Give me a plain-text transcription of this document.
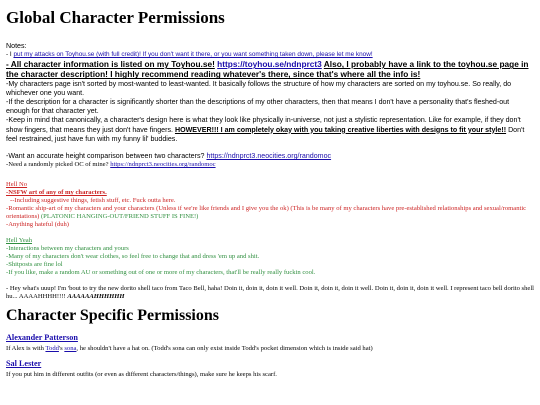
Global Character Permissions

Notes:

- I put my attacks on Toyhou.se (with full credit)! If you don't want it there, or you want something taken down, please let me know!

- All character information is listed on my Toyhou.se! https://toyhou.se/ndnprct3 Also, I probably have a link to the toyhou.se page in the character description! I highly recommend reading whatever's there, since that's where all the info is!

-My characters page isn't sorted by most-wanted to least-wanted. It basically follows the structure of how my characters are sorted on my toyhou.se. So really, do whichever one you want.

-If the description for a character is significantly shorter than the descriptions of my other characters, then that means I don't have a personality that's fleshed-out enough for that character yet.

-Keep in mind that canonically, a character's design here is what they look like physically in-universe, not just a stylistic representation. Like for example, if they don't show fingers, that means they just don't have fingers. HOWEVER!!! I am completely okay with you taking creative liberties with designs to fit your style!! Don't feel restrained, just have fun with my funny lil' buddies.

-Want an accurate height comparison between two characters? https://ndnprct3.neocities.org/randomoc

-Need a randomly picked OC of mine? https://ndnprct3.neocities.org/randomoc

Hell No

-NSFW art of any of my characters.

--Including suggestive things, fetish stuff, etc. Fuck outta here.

-Romantic ship-art of my characters and your characters (Unless if we're like friends and I give you the ok) (This is be many of my characters have pre-established relationships and sexual/romantic orientations) (PLATONIC HANGING-OUT/FRIEND STUFF IS FINE!)

-Anything hateful (duh)

Hell Yeah

-Interactions between my characters and yours

-Many of my characters don't wear clothes, so feel free to change that and dress 'em up and shit.

-Shitposts are fine lol

-If you like, make a random AU or something out of one or more of my characters, that'll be really really fuckin cool.

- Hey what's uuup! I'm 'bout to try the new dorito shell taco from Taco Bell, haha! Doin it, doin it, doin it well. Doin it, doin it, doin it well. Doin it, doin it, doin it well. I represent taco bell dorito shell hu... AAAAHHHH!!!! AAAAAAHHHHHH

Character Specific Permissions

Alexander Patterson

If Alex is with Todd's sona, he shouldn't have a hat on. (Todd's sona can only exist inside Todd's pocket dimension which is inside said hat)

Sal Lester

If you put him in different outfits (or even as different characters/things), make sure he keeps his scarf.
